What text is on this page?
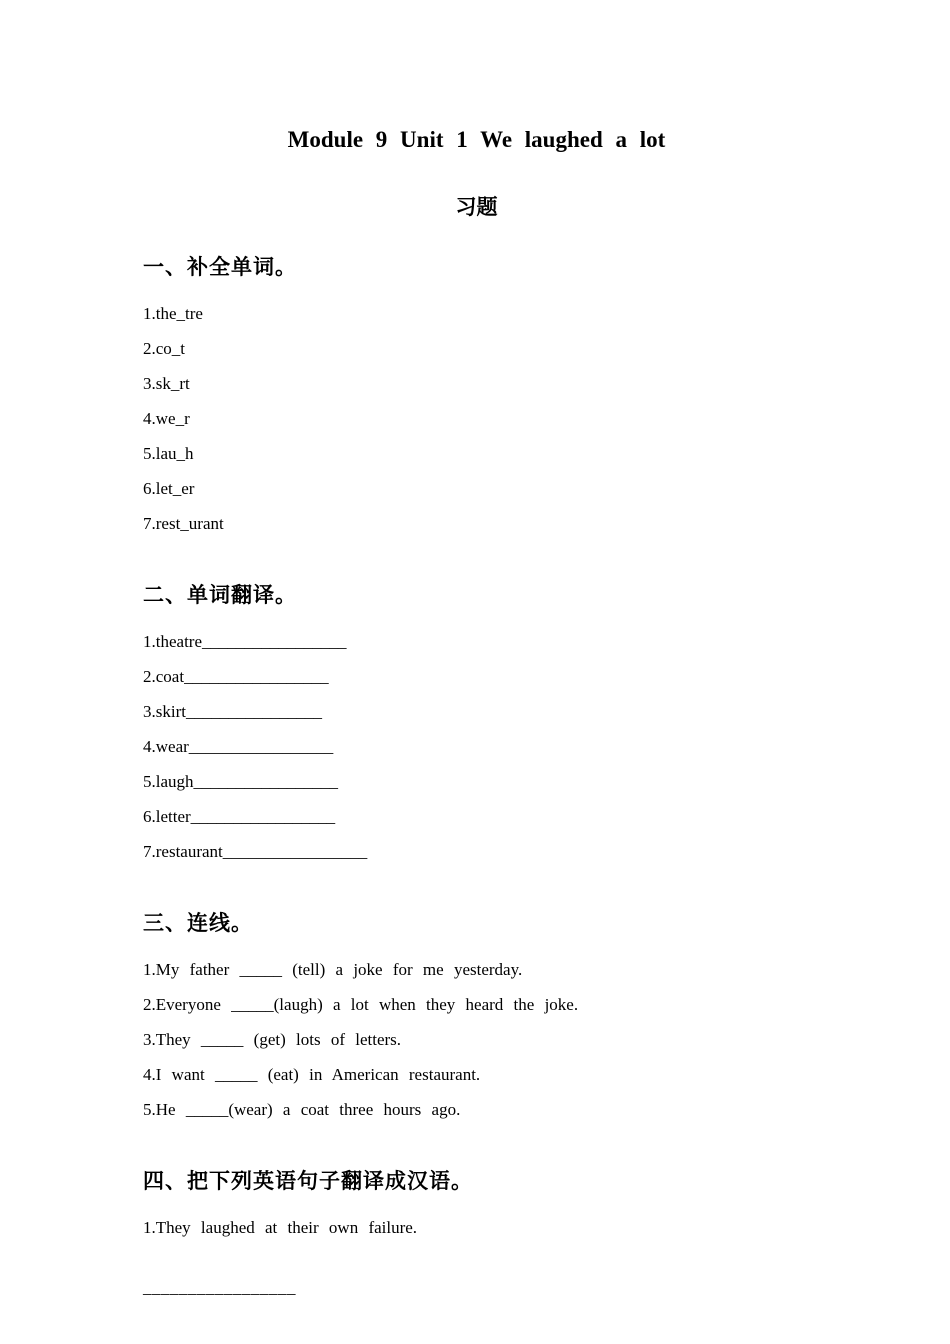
Module 9 Unit 1 We laughed a lot
习题
一、补全单词。

1.the_tre

2.co_t

3.sk_rt

4.we_r

5.lau_h

6.let_er

7.rest_urant

二、单词翻译。

1.theatre_________________

2.coat_________________

3.skirt________________

4.wear_________________

5.laugh_________________

6.letter_________________

7.restaurant_________________

三、连线。

1.My father _____ (tell) a joke for me yesterday.

2.Everyone _____(laugh) a lot when they heard the joke.

3.They _____ (get) lots of letters.

4.I want _____ (eat) in American restaurant.

5.He _____(wear) a coat three hours ago.

四、把下列英语句子翻译成汉语。

1.They laughed at their own failure.

_________________
